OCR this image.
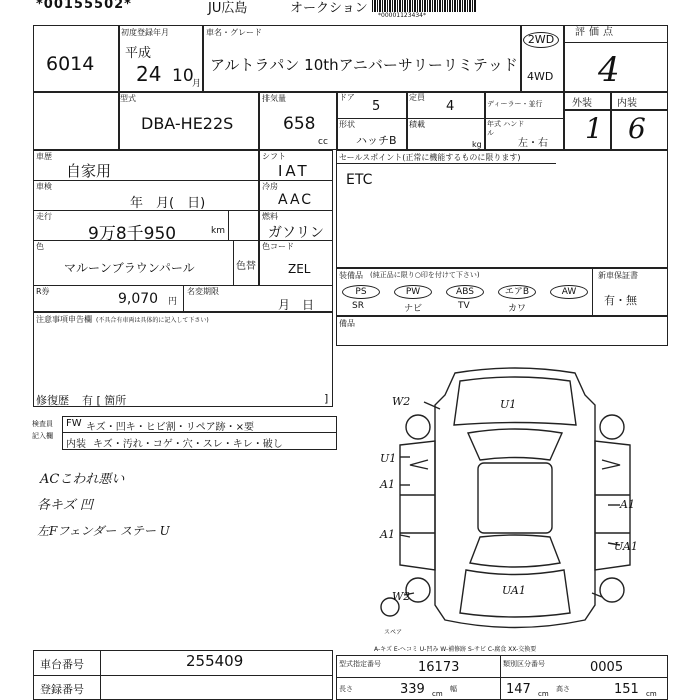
*00155502*	JU広島	オークション *00001123434*
6014
初度登録年月
平成
24 10
月
車名・グレード
アルトラパン 10thアニバーサリーリミテッド
2WD
4WD
評価点
4
外装	内装
1 6
型式
DBA-HE22S
排気量
658
cc
ドア
5
定員
4	ディーラー・並行
形状
ハッチB
積載
kg
年式 ハンドル
左・右
車歴
自家用
シフト
IAT
車検
年　月(　日)
冷房
AAC
走行
9万8千950	km
燃料
ガソリン
色
マルーンブラウンパール	色替
色コード
ZEL
R券	9,070 円
名変期限
月　日
注意事項申告欄 (不具合有車両は具体的に記入して下さい)
修復歴 有 [ 箇所	]
検査員
記入欄
FW キズ・凹キ・ヒビ割・リペア跡・×要
内装 キズ・汚れ・コゲ・穴・スレ・キレ・破し
ACこわれ悪い
各キズ 凹
左Fフェンダー ステー U
セールスポイント(正常に機能するものに限ります)
ETC
装備品 (純正品に限り○印を付けて下さい)
PS	PW	ABS	エアB	AW
SR	ナビ	TV	カワ
新車保証書
有・無
備品
W2	U1
U1
A1
A1
A1
UA1
UA1
W2
スペア
A-キズ E-ヘコミ U-凹み W-補修跡 S-サビ C-腐食 XX-交換要
車台番号	255409
登録番号
型式指定番号	16173	類別区分番号	0005
長さ	339 cm
幅	147 cm
高さ	151 cm
